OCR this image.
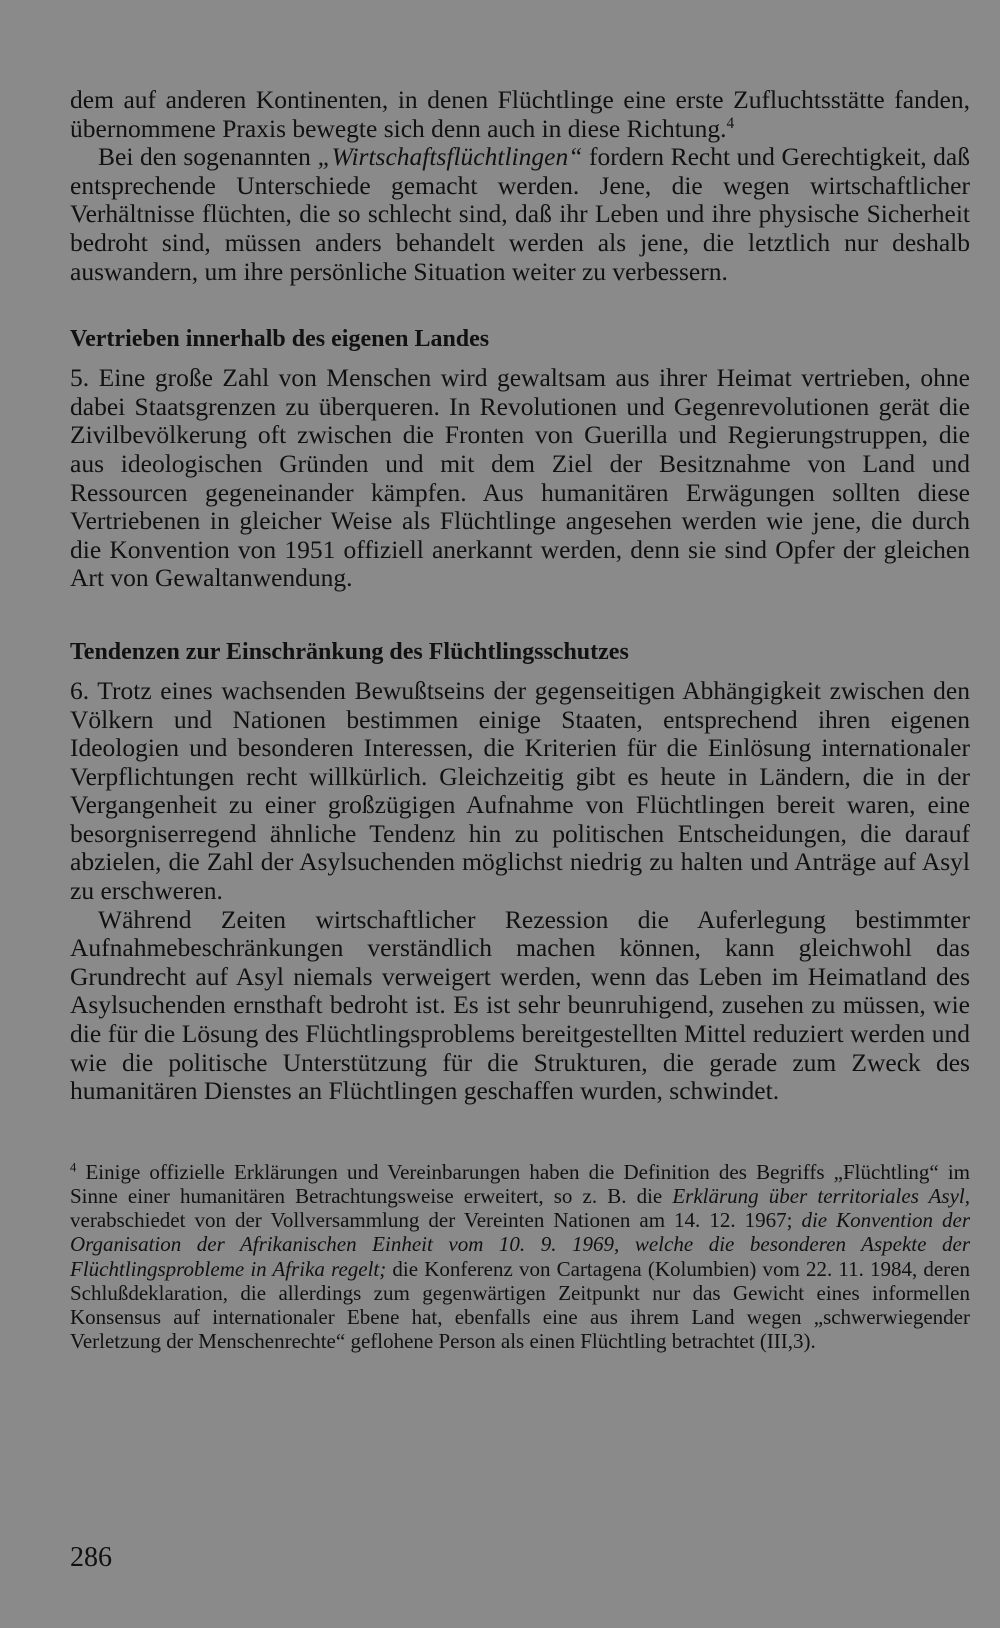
dem auf anderen Kontinenten, in denen Flüchtlinge eine erste Zufluchtsstätte fanden, übernommene Praxis bewegte sich denn auch in diese Richtung.$^4$

Bei den sogenannten „Wirtschaftsflüchtlingen“ fordern Recht und Gerechtigkeit, daß entsprechende Unterschiede gemacht werden. Jene, die wegen wirtschaftlicher Verhältnisse flüchten, die so schlecht sind, daß ihr Leben und ihre physische Sicherheit bedroht sind, müssen anders behandelt werden als jene, die letztlich nur deshalb auswandern, um ihre persönliche Situation weiter zu verbessern.

Vertrieben innerhalb des eigenen Landes

5. Eine große Zahl von Menschen wird gewaltsam aus ihrer Heimat vertrieben, ohne dabei Staatsgrenzen zu überqueren. In Revolutionen und Gegenrevolutionen gerät die Zivilbevölkerung oft zwischen die Fronten von Guerilla und Regierungstruppen, die aus ideologischen Gründen und mit dem Ziel der Besitznahme von Land und Ressourcen gegeneinander kämpfen. Aus humanitären Erwägungen sollten diese Vertriebenen in gleicher Weise als Flüchtlinge angesehen werden wie jene, die durch die Konvention von 1951 offiziell anerkannt werden, denn sie sind Opfer der gleichen Art von Gewaltanwendung.

Tendenzen zur Einschränkung des Flüchtlingsschutzes

6. Trotz eines wachsenden Bewußtseins der gegenseitigen Abhängigkeit zwischen den Völkern und Nationen bestimmen einige Staaten, entsprechend ihren eigenen Ideologien und besonderen Interessen, die Kriterien für die Einlösung internationaler Verpflichtungen recht willkürlich. Gleichzeitig gibt es heute in Ländern, die in der Vergangenheit zu einer großzügigen Aufnahme von Flüchtlingen bereit waren, eine besorgniserregend ähnliche Tendenz hin zu politischen Entscheidungen, die darauf abzielen, die Zahl der Asylsuchenden möglichst niedrig zu halten und Anträge auf Asyl zu erschweren.

Während Zeiten wirtschaftlicher Rezession die Auferlegung bestimmter Aufnahmebeschränkungen verständlich machen können, kann gleichwohl das Grundrecht auf Asyl niemals verweigert werden, wenn das Leben im Heimatland des Asylsuchenden ernsthaft bedroht ist. Es ist sehr beunruhigend, zusehen zu müssen, wie die für die Lösung des Flüchtlingsproblems bereitgestellten Mittel reduziert werden und wie die politische Unterstützung für die Strukturen, die gerade zum Zweck des humanitären Dienstes an Flüchtlingen geschaffen wurden, schwindet.

$^4$ Einige offizielle Erklärungen und Vereinbarungen haben die Definition des Begriffs „Flüchtling“ im Sinne einer humanitären Betrachtungsweise erweitert, so z. B. die Erklärung über territoriales Asyl, verabschiedet von der Vollversammlung der Vereinten Nationen am 14. 12. 1967; die Konvention der Organisation der Afrikanischen Einheit vom 10. 9. 1969, welche die besonderen Aspekte der Flüchtlingsprobleme in Afrika regelt; die Konferenz von Cartagena (Kolumbien) vom 22. 11. 1984, deren Schlußdeklaration, die allerdings zum gegenwärtigen Zeitpunkt nur das Gewicht eines informellen Konsensus auf internationaler Ebene hat, ebenfalls eine aus ihrem Land wegen „schwerwiegender Verletzung der Menschenrechte“ geflohene Person als einen Flüchtling betrachtet (III,3).
286
